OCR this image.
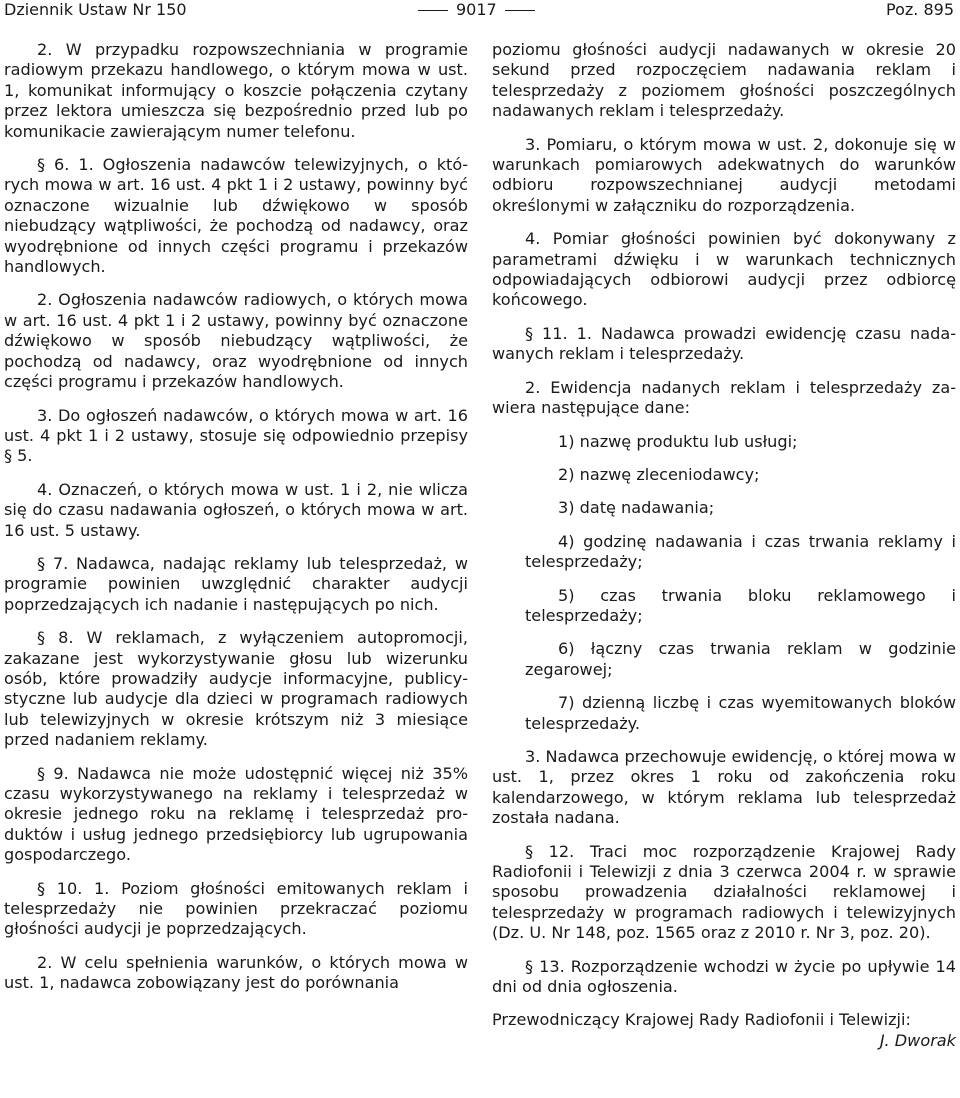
Dziennik Ustaw Nr 150	9017	Poz. 895

2. W przypadku rozpowszechniania w programie radiowym przekazu handlowego, o którym mowa w ust. 1, komunikat informujący o koszcie połączenia czytany przez lektora umieszcza się bezpośrednio przed lub po komunikacie zawierającym numer telefonu.

§ 6. 1. Ogłoszenia nadawców telewizyjnych, o których mowa w art. 16 ust. 4 pkt 1 i 2 ustawy, powinny być oznaczone wizualnie lub dźwiękowo w sposób niebudzący wątpliwości, że pochodzą od nadawcy, oraz wyodrębnione od innych części programu i przekazów handlowych.

2. Ogłoszenia nadawców radiowych, o których mowa w art. 16 ust. 4 pkt 1 i 2 ustawy, powinny być oznaczone dźwiękowo w sposób niebudzący wątpliwości, że pochodzą od nadawcy, oraz wyodrębnione od innych części programu i przekazów handlowych.

3. Do ogłoszeń nadawców, o których mowa w art. 16 ust. 4 pkt 1 i 2 ustawy, stosuje się odpowiednio przepisy § 5.

4. Oznaczeń, o których mowa w ust. 1 i 2, nie wlicza się do czasu nadawania ogłoszeń, o których mowa w art. 16 ust. 5 ustawy.

§ 7. Nadawca, nadając reklamy lub telesprzedaż, w programie powinien uwzględnić charakter audycji poprzedzających ich nadanie i następujących po nich.

§ 8. W reklamach, z wyłączeniem autopromocji, zakazane jest wykorzystywanie głosu lub wizerunku osób, które prowadziły audycje informacyjne, publicystyczne lub audycje dla dzieci w programach radiowych lub telewizyjnych w okresie krótszym niż 3 miesiące przed nadaniem reklamy.

§ 9. Nadawca nie może udostępnić więcej niż 35% czasu wykorzystywanego na reklamy i telesprzedaż w okresie jednego roku na reklamę i telesprzedaż produktów i usług jednego przedsiębiorcy lub ugrupowania gospodarczego.

§ 10. 1. Poziom głośności emitowanych reklam i telesprzedaży nie powinien przekraczać poziomu głośności audycji je poprzedzających.

2. W celu spełnienia warunków, o których mowa w ust. 1, nadawca zobowiązany jest do porównania

poziomu głośności audycji nadawanych w okresie 20 sekund przed rozpoczęciem nadawania reklam i telesprzedaży z poziomem głośności poszczególnych nadawanych reklam i telesprzedaży.

3. Pomiaru, o którym mowa w ust. 2, dokonuje się w warunkach pomiarowych adekwatnych do warunków odbioru rozpowszechnianej audycji metodami określonymi w załączniku do rozporządzenia.

4. Pomiar głośności powinien być dokonywany z parametrami dźwięku i w warunkach technicznych odpowiadających odbiorowi audycji przez odbiorcę końcowego.

§ 11. 1. Nadawca prowadzi ewidencję czasu nadawanych reklam i telesprzedaży.

2. Ewidencja nadanych reklam i telesprzedaży zawiera następujące dane:

1) nazwę produktu lub usługi;

2) nazwę zleceniodawcy;

3) datę nadawania;

4) godzinę nadawania i czas trwania reklamy i telesprzedaży;

5) czas trwania bloku reklamowego i telesprzedaży;

6) łączny czas trwania reklam w godzinie zegarowej;

7) dzienną liczbę i czas wyemitowanych bloków telesprzedaży.

3. Nadawca przechowuje ewidencję, o której mowa w ust. 1, przez okres 1 roku od zakończenia roku kalendarzowego, w którym reklama lub telesprzedaż została nadana.

§ 12. Traci moc rozporządzenie Krajowej Rady Radiofonii i Telewizji z dnia 3 czerwca 2004 r. w sprawie sposobu prowadzenia działalności reklamowej i telesprzedaży w programach radiowych i telewizyjnych (Dz. U. Nr 148, poz. 1565 oraz z 2010 r. Nr 3, poz. 20).

§ 13. Rozporządzenie wchodzi w życie po upływie 14 dni od dnia ogłoszenia.

Przewodniczący Krajowej Rady Radiofonii i Telewizji:
J. Dworak
